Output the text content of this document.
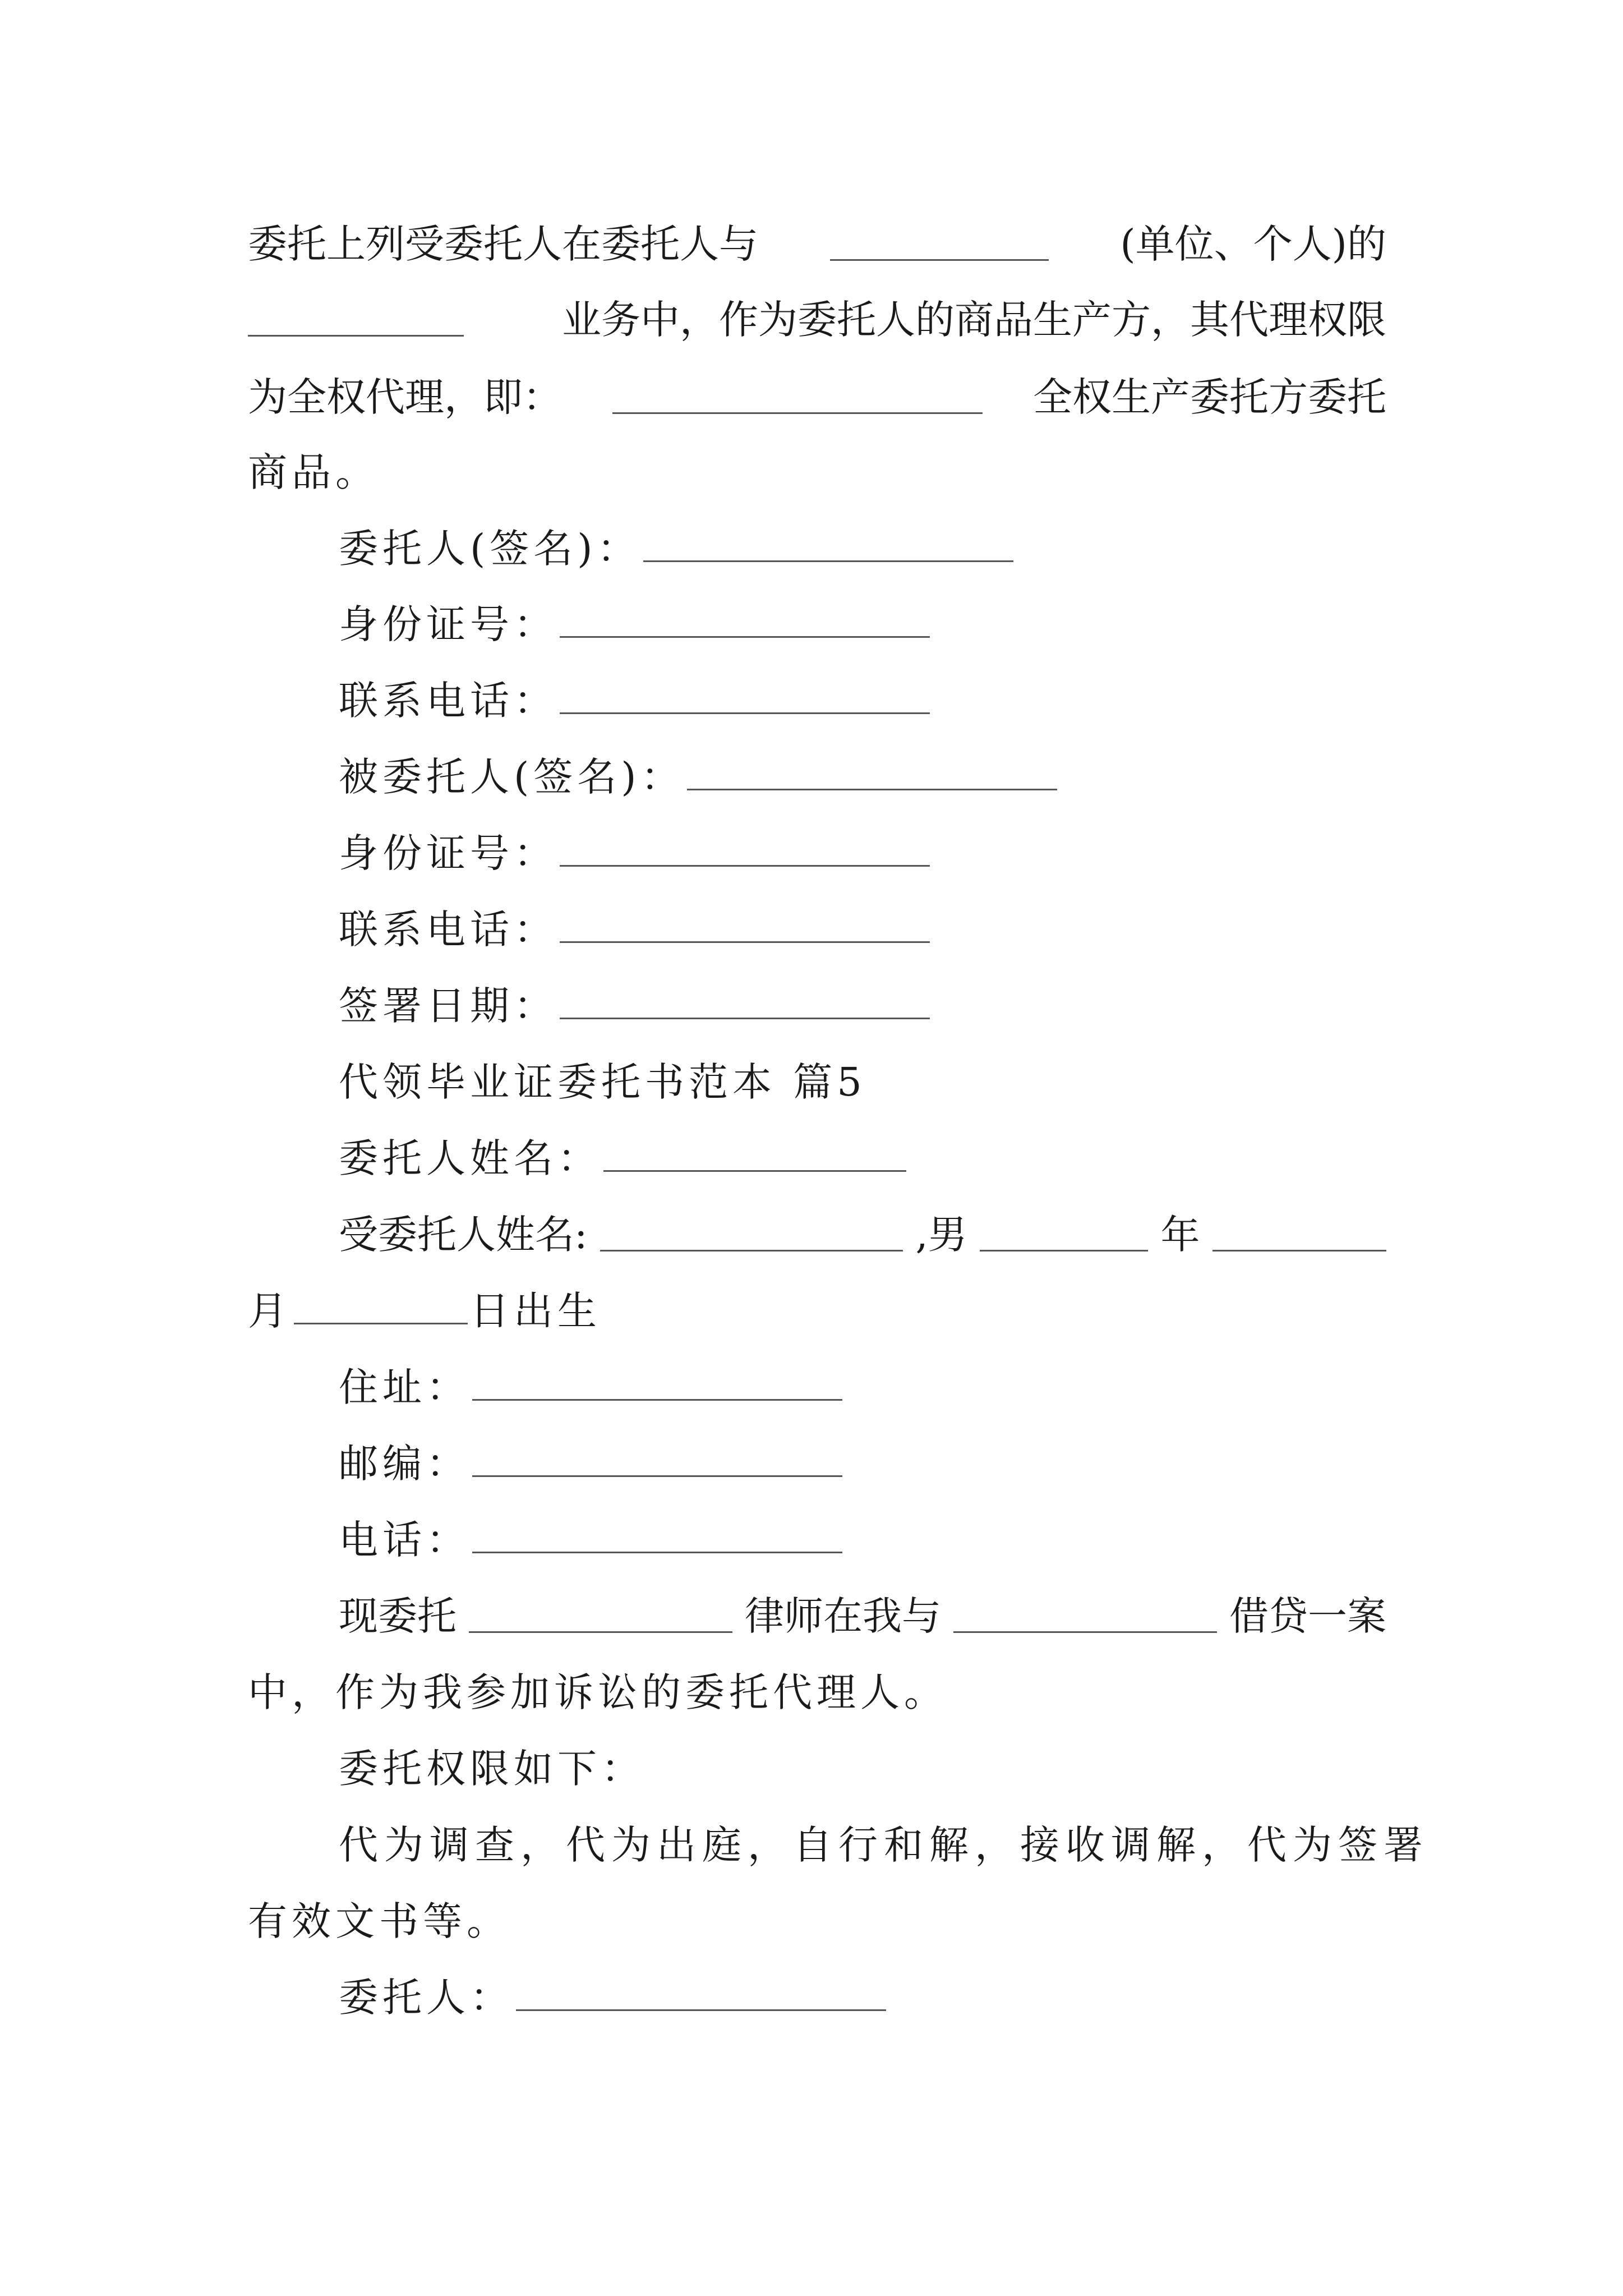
委托上列受委托人在委托人与	(单位、个人)的
业务中，作为委托人的商品生产方，其代理权限
为全权代理，即：	全权生产委托方委托
商品。
委托人(签名)：
身份证号：
联系电话：
被委托人(签名)：
身份证号：
联系电话：
签署日期：
代领毕业证委托书范本 篇5
委托人姓名：
受委托人姓名:	,男	年
月	日出生
住址：
邮编：
电话：
现委托	律师在我与	借贷一案
中，作为我参加诉讼的委托代理人。
委托权限如下：
代为调查，代为出庭，自行和解，接收调解，代为签署
有效文书等。
委托人：
